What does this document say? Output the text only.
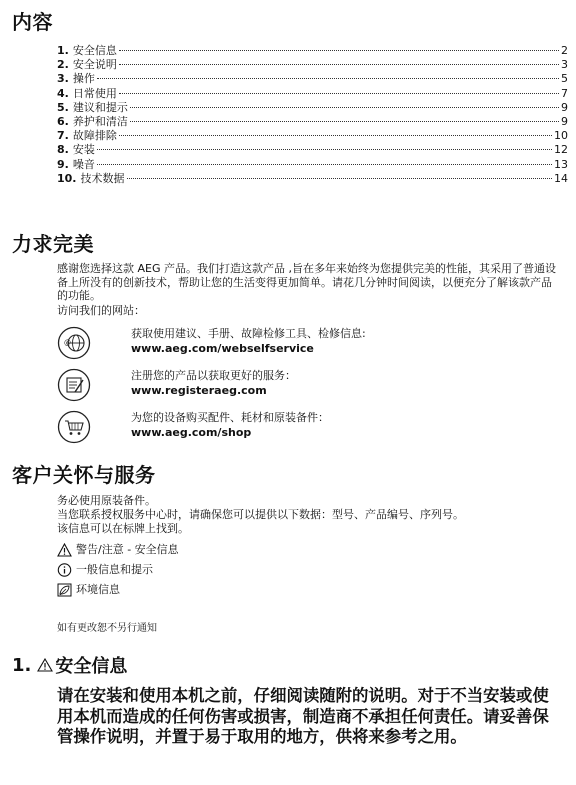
内容
1. 安全信息	2
2. 安全说明	3
3. 操作	5
4. 日常使用	7
5. 建议和提示	9
6. 养护和清洁	9
7. 故障排除	10
8. 安装	12
9. 噪音	13
10. 技术数据	14
力求完美

感谢您选择这款 AEG 产品。我们打造这款产品 ,旨在多年来始终为您提供完美的性能，其采用了普通设备上所没有的创新技术，帮助让您的生活变得更加简单。请花几分钟时间阅读，以便充分了解该款产品的功能。

访问我们的网站：

@
获取使用建议、手册、故障检修工具、检修信息:
www.aeg.com/webselfservice
注册您的产品以获取更好的服务：
www.registeraeg.com
为您的设备购买配件、耗材和原装备件：
www.aeg.com/shop
客户关怀与服务

务必使用原装备件。

当您联系授权服务中心时，请确保您可以提供以下数据：型号、产品编号、序列号。

该信息可以在标牌上找到。

警告/注意 - 安全信息
一般信息和提示
环境信息

如有更改恕不另行通知

1. 安全信息

请在安装和使用本机之前，仔细阅读随附的说明。对于不当安装或使用本机而造成的任何伤害或损害，制造商不承担任何责任。请妥善保管操作说明，并置于易于取用的地方，供将来参考之用。
